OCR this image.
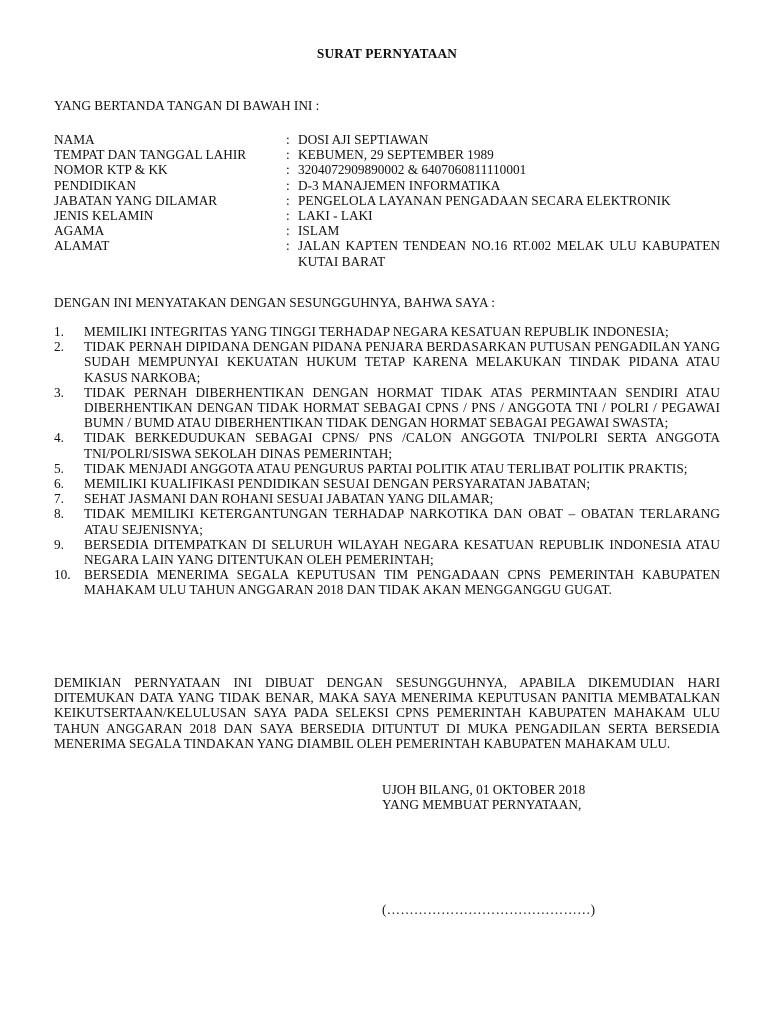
SURAT PERNYATAAN
YANG BERTANDA TANGAN DI BAWAH INI :
NAMA	: DOSI AJI SEPTIAWAN
TEMPAT DAN TANGGAL LAHIR	: KEBUMEN, 29 SEPTEMBER 1989
NOMOR KTP & KK	: 3204072909890002 & 6407060811110001
PENDIDIKAN	: D-3 MANAJEMEN INFORMATIKA
JABATAN YANG DILAMAR	: PENGELOLA LAYANAN PENGADAAN SECARA ELEKTRONIK
JENIS KELAMIN	: LAKI - LAKI
AGAMA	: ISLAM
ALAMAT	: JALAN KAPTEN TENDEAN NO.16 RT.002 MELAK ULU KABUPATEN KUTAI BARAT
DENGAN INI MENYATAKAN DENGAN SESUNGGUHNYA, BAHWA SAYA :
1.	MEMILIKI INTEGRITAS YANG TINGGI TERHADAP NEGARA KESATUAN REPUBLIK INDONESIA;
2.	TIDAK PERNAH DIPIDANA DENGAN PIDANA PENJARA BERDASARKAN PUTUSAN PENGADILAN YANG SUDAH MEMPUNYAI KEKUATAN HUKUM TETAP KARENA MELAKUKAN TINDAK PIDANA ATAU KASUS NARKOBA;
3.	TIDAK PERNAH DIBERHENTIKAN DENGAN HORMAT TIDAK ATAS PERMINTAAN SENDIRI ATAU DIBERHENTIKAN DENGAN TIDAK HORMAT SEBAGAI CPNS / PNS / ANGGOTA TNI / POLRI / PEGAWAI BUMN / BUMD ATAU DIBERHENTIKAN TIDAK DENGAN HORMAT SEBAGAI PEGAWAI SWASTA;
4.	TIDAK BERKEDUDUKAN SEBAGAI CPNS/ PNS /CALON ANGGOTA TNI/POLRI SERTA ANGGOTA TNI/POLRI/SISWA SEKOLAH DINAS PEMERINTAH;
5.	TIDAK MENJADI ANGGOTA ATAU PENGURUS PARTAI POLITIK ATAU TERLIBAT POLITIK PRAKTIS;
6.	MEMILIKI KUALIFIKASI PENDIDIKAN SESUAI DENGAN PERSYARATAN JABATAN;
7.	SEHAT JASMANI DAN ROHANI SESUAI JABATAN YANG DILAMAR;
8.	TIDAK MEMILIKI KETERGANTUNGAN TERHADAP NARKOTIKA DAN OBAT – OBATAN TERLARANG ATAU SEJENISNYA;
9.	BERSEDIA DITEMPATKAN DI SELURUH WILAYAH NEGARA KESATUAN REPUBLIK INDONESIA ATAU NEGARA LAIN YANG DITENTUKAN OLEH PEMERINTAH;
10.	BERSEDIA MENERIMA SEGALA KEPUTUSAN TIM PENGADAAN CPNS PEMERINTAH KABUPATEN MAHAKAM ULU TAHUN ANGGARAN 2018 DAN TIDAK AKAN MENGGANGGU GUGAT.
DEMIKIAN PERNYATAAN INI DIBUAT DENGAN SESUNGGUHNYA, APABILA DIKEMUDIAN HARI DITEMUKAN DATA YANG TIDAK BENAR, MAKA SAYA MENERIMA KEPUTUSAN PANITIA MEMBATALKAN KEIKUTSERTAAN/KELULUSAN SAYA PADA SELEKSI CPNS PEMERINTAH KABUPATEN MAHAKAM ULU TAHUN ANGGARAN 2018 DAN SAYA BERSEDIA DITUNTUT DI MUKA PENGADILAN SERTA BERSEDIA MENERIMA SEGALA TINDAKAN YANG DIAMBIL OLEH PEMERINTAH KABUPATEN MAHAKAM ULU.
UJOH BILANG, 01 OKTOBER 2018
YANG MEMBUAT PERNYATAAN,
(………………………………………)
